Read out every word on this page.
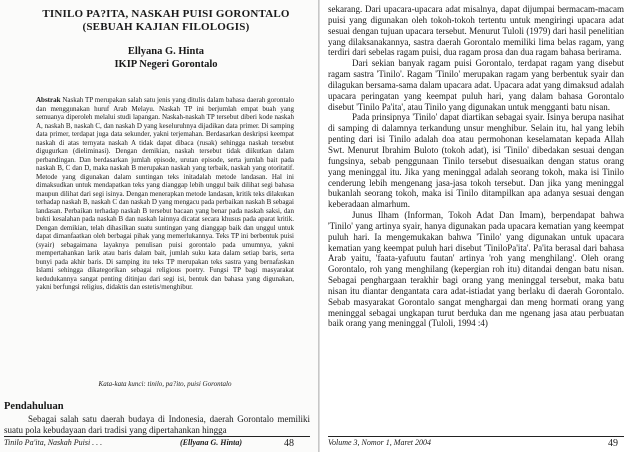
TINILO PA?ITA, NASKAH PUISI GORONTALO
(SEBUAH KAJIAN FILOLOGIS)
Ellyana G. Hinta
IKIP Negeri Gorontalo
Abstrak Naskah TP merupakan salah satu jenis yang ditulis dalam bahasa daerah gorontalo dan menggunakan huruf Arab Melayu. Naskah TP ini berjumlah empat buah yang semuanya diperoleh melalui studi lapangan. Naskah-naskah TP tersebut diberi kode naskah A, naskah B, naskah C, dan naskah D yang keseluruhnya dijadikan data primer. Di samping data primer, terdapat juga data sekunder, yakni terjemahan. Berdasarkan deskripsi keempat naskah di atas ternyata naskah A tidak dapat dibaca (rusak) sehingga naskah tersebut digugurkan (dieliminasi). Dengan demikian, naskah tersebut tidak diikutkan dalam perbandingan. Dan berdasarkan jumlah episode, urutan episode, serta jumlah bait pada naskah B, C dan D, maka naskah B merupakan naskah yang terbaik, naskah yang otoritatif. Metode yang digunakan dalam suntingan teks initadalah metode landasan. Hal ini dimaksudkan untuk mendapatkan teks yang dianggap lebih unggul baik dilihat segi bahasa maupun dilihat dari segi isinya. Dengan menerapkan metode landasan, kritik teks dilakukan terhadap naskah B, naskah C dan naskah D yang mengacu pada perbaikan naskah B sebagai landasan. Perbaikan terhadap naskah B tersebut bacaan yang benar pada naskah saksi, dan bukti kesalahan pada naskah B dan naskah lainnya dicatat secara khusus pada aparat kritik. Dengan demikian, telah dihasilkan suatu suntingan yang dianggap baik dan unggul untuk dapat dimanfaatkan oleh berbagai pihak yang memerlukannya. Teks TP ini berbentuk puisi (syair) sebagaimana layaknya penulisan puisi gorontalo pada umumnya, yakni mempertahankan larik atau baris dalam bait, jumlah suku kata dalam setiap baris, serta bunyi pada akhir baris. Di samping itu teks TP merupakan teks sastra yang bernafaskan Islami sehingga dikategorikan sebagai religious poetry. Fungsi TP bagi masyarakat kedudukannya sangat penting ditinjau dari segi isi, bentuk dan bahasa yang digunakan, yakni berfungsi religius, didaktis dan estetis/menghibur.
Kata-kata kunci: tinilo, pa?ito, puisi Gorontalo
Pendahuluan
Sebagai salah satu daerah budaya di Indonesia, daerah Gorontalo memiliki suatu pola kebudayaan dari tradisi yang dipertahankan hingga
Tinilo Pa'ita, Naskah Puisi . . .	(Ellyana G. Hinta)	48

sekarang. Dari upacara-upacara adat misalnya, dapat dijumpai bermacam-macam puisi yang digunakan oleh tokoh-tokoh tertentu untuk mengiringi upacara adat sesuai dengan tujuan upacara tersebut. Menurut Tuloli (1979) dari hasil penelitian yang dilaksanakannya, sastra daerah Gorontalo memiliki lima belas ragam, yang terdiri dari sebelas ragam puisi, dua ragam prosa dan dua ragam bahasa berirama.

Dari sekian banyak ragam puisi Gorontalo, terdapat ragam yang disebut ragam sastra 'Tinilo'. Ragam 'Tinilo' merupakan ragam yang berbentuk syair dan dilagukan bersama-sama dalam upacara adat. Upacara adat yang dimaksud adalah upacara peringatan yang keempat puluh hari, yang dalam bahasa Gorontalo disebut 'Tinilo Pa'ita', atau Tinilo yang digunakan untuk mengganti batu nisan.

Pada prinsipnya 'Tinilo' dapat diartikan sebagai syair. Isinya berupa nasihat di samping di dalamnya terkandung unsur menghibur. Selain itu, hal yang lebih penting dari isi Tinilo adalah doa atau permohonan keselamatan kepada Allah Swt. Menurut Ibrahim Buloto (tokoh adat), isi 'Tinilo' dibedakan sesuai dengan fungsinya, sebab penggunaan Tinilo tersebut disesuaikan dengan status orang yang meninggal itu. Jika yang meninggal adalah seorang tokoh, maka isi Tinilo cenderung lebih mengenang jasa-jasa tokoh tersebut. Dan jika yang meninggal bukanlah seorang tokoh, maka isi Tinilo ditampilkan apa adanya sesuai dengan keberadaan almarhum.

Junus Ilham (Informan, Tokoh Adat Dan Imam), berpendapat bahwa 'Tinilo' yang artinya syair, hanya digunakan pada upacara kematian yang keempat puluh hari. Ia mengemukakan bahwa 'Tinilo' yang digunakan untuk upacara kematian yang keempat puluh hari disebut 'TiniloPa'ita'. Pa'ita berasal dari bahasa Arab yaitu, 'faata-yafuutu fautan' artinya 'roh yang menghilang'. Oleh orang Gorontalo, roh yang menghilang (kepergian roh itu) ditandai dengan batu nisan. Sebagai penghargaan terakhir bagi orang yang meninggal tersebut, maka batu nisan itu diantar dengantata cara adat-istiadat yang berlaku di daerah Gorontalo. Sebab masyarakat Gorontalo sangat menghargai dan meng hormati orang yang meninggal sebagai ungkapan turut berduka dan me ngenang jasa atau perbuatan baik orang yang meninggal (Tuloli, 1994 :4)

Volume 3, Nomor 1, Maret 2004	49
